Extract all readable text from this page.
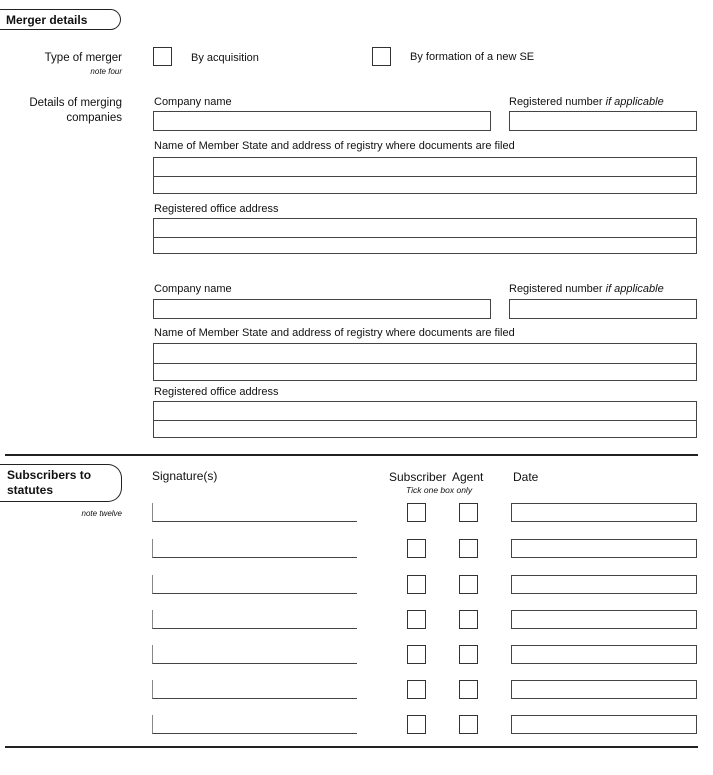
Merger details
Type of merger
note four
By acquisition	By formation of a new SE
Details of merging
companies
Company name	Registered number if applicable
Name of Member State and address of registry where documents are filed
Registered office address
Company name	Registered number if applicable
Name of Member State and address of registry where documents are filed
Registered office address
Subscribers to
statutes
note twelve
Signature(s)	Subscriber Agent
Tick one box only
Date
